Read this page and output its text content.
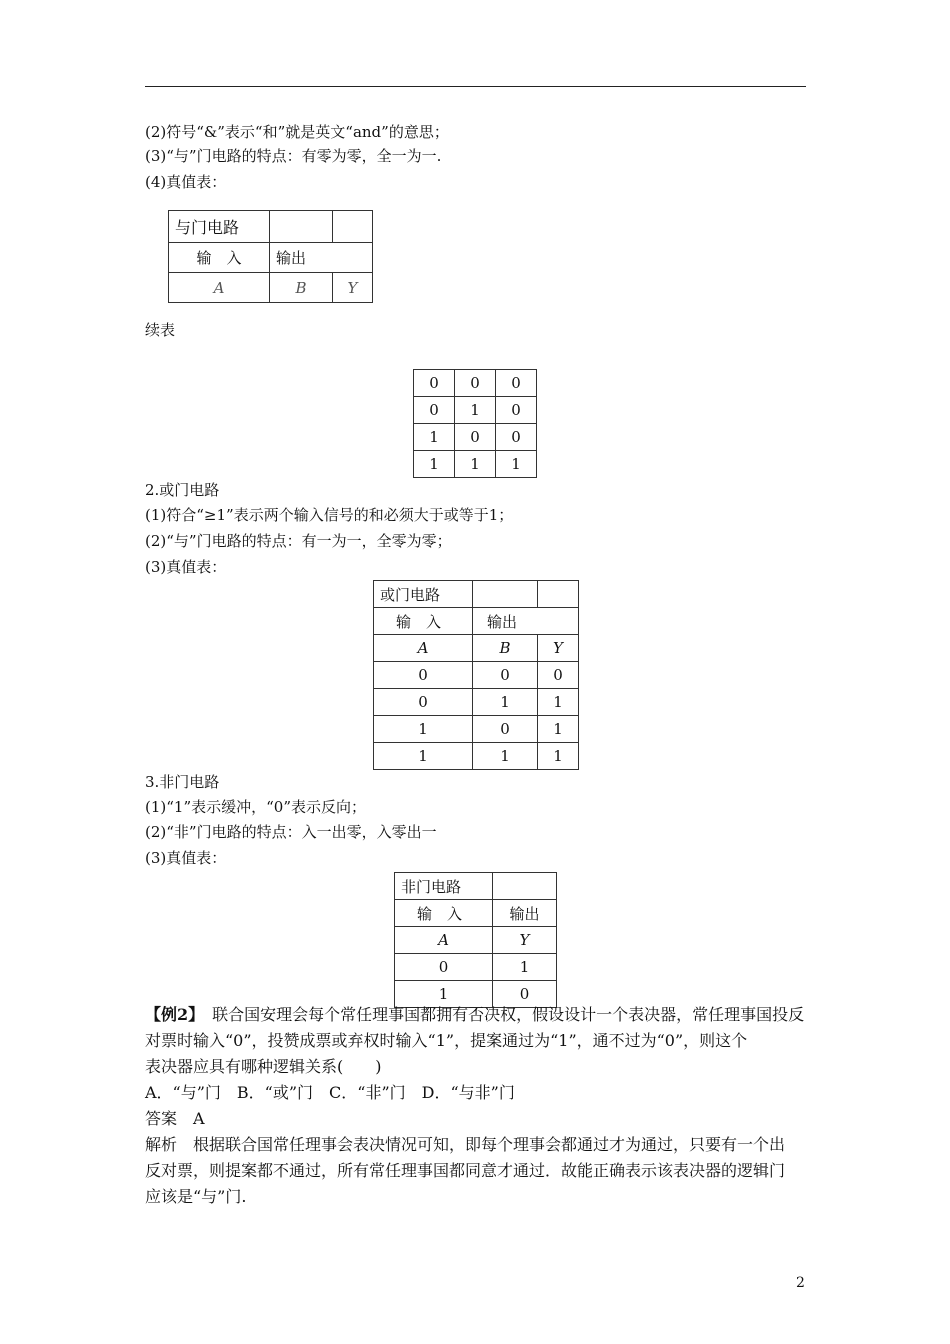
(2)符号“&”表示“和”就是英文“and”的意思；
(3)“与”门电路的特点：有零为零，全一为一.
(4)真值表：
与门电路		
输　入	输出	
A	B	Y
续表
0	0	0
0	1	0
1	0	0
1	1	1
2.或门电路
(1)符合“≥1”表示两个输入信号的和必须大于或等于1；
(2)“与”门电路的特点：有一为一，全零为零；
(3)真值表：
或门电路		
输　入	输出	
A	B	Y
0	0	0
0	1	1
1	0	1
1	1	1
3.非门电路
(1)“1”表示缓冲，“0”表示反向；
(2)“非”门电路的特点：入一出零，入零出一
(3)真值表：
非门电路	
输　入	输出
A	Y
0	1
1	0
【例2】　联合国安理会每个常任理事国都拥有否决权，假设设计一个表决器，常任理事国投反
对票时输入“0”，投赞成票或弃权时输入“1”，提案通过为“1”，通不过为“0”，则这个
表决器应具有哪种逻辑关系(　　)
A．“与”门　B．“或”门　C．“非”门　D．“与非”门
答案　A
解析　根据联合国常任理事会表决情况可知，即每个理事会都通过才为通过，只要有一个出
反对票，则提案都不通过，所有常任理事国都同意才通过．故能正确表示该表决器的逻辑门
应该是“与”门.
2
